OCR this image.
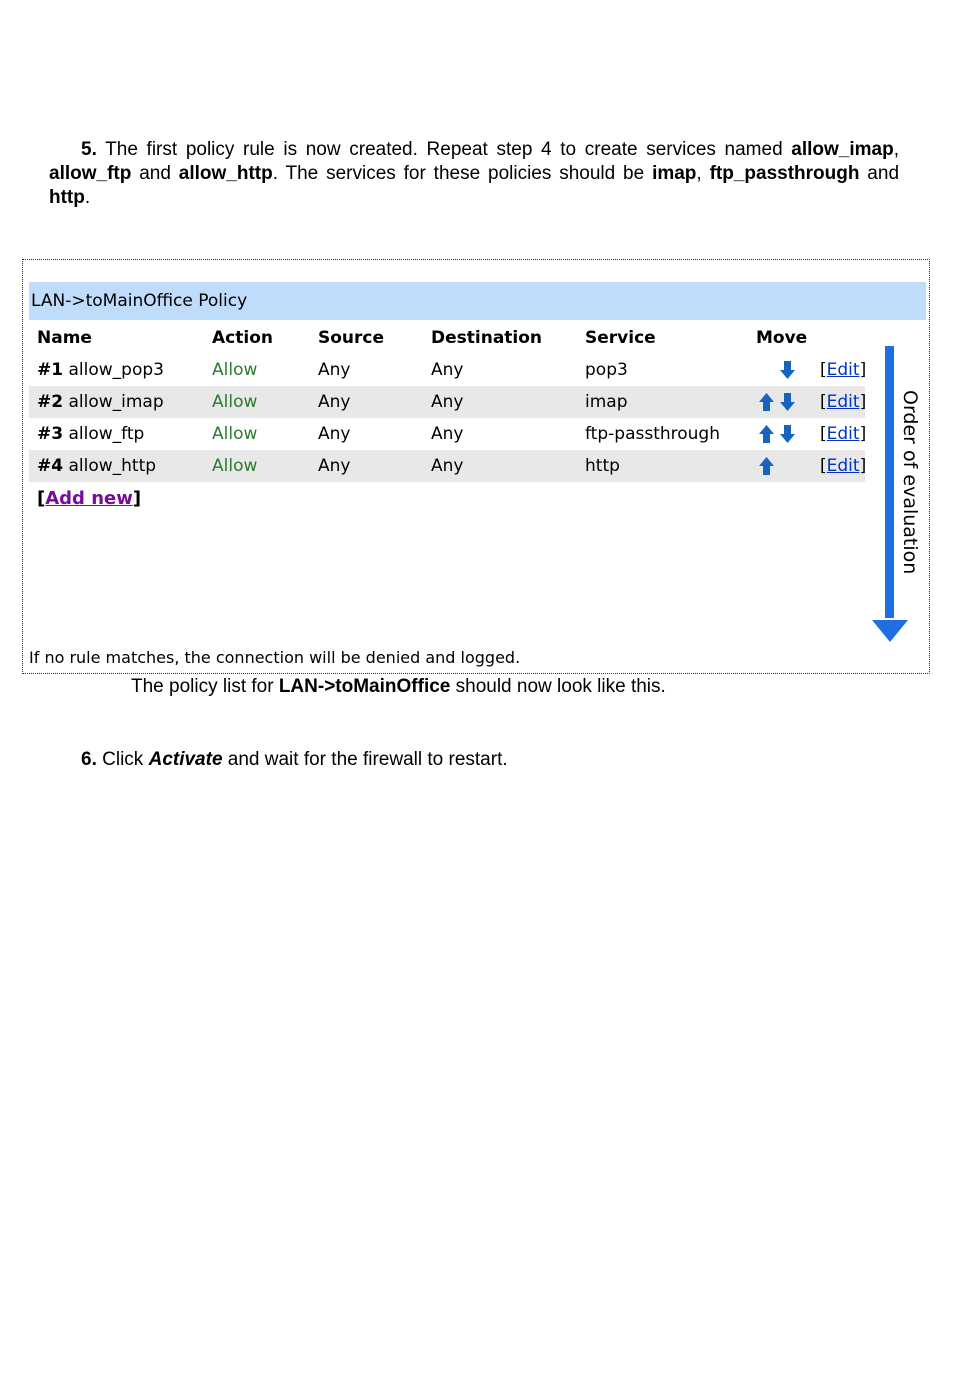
5. The first policy rule is now created. Repeat step 4 to create services named allow_imap, allow_ftp and allow_http. The services for these policies should be imap, ftp_passthrough and http.
LAN->toMainOffice Policy
Name	Action	Source	Destination	Service	Move
#1 allow_pop3	Allow	Any	Any	pop3	[Edit]
#2 allow_imap	Allow	Any	Any	imap	[Edit]
#3 allow_ftp	Allow	Any	Any	ftp-passthrough	[Edit]
#4 allow_http	Allow	Any	Any	http	[Edit]
[Add new]	Order of evaluation
If no rule matches, the connection will be denied and logged.
The policy list for LAN->toMainOffice should now look like this.
6. Click Activate and wait for the firewall to restart.
